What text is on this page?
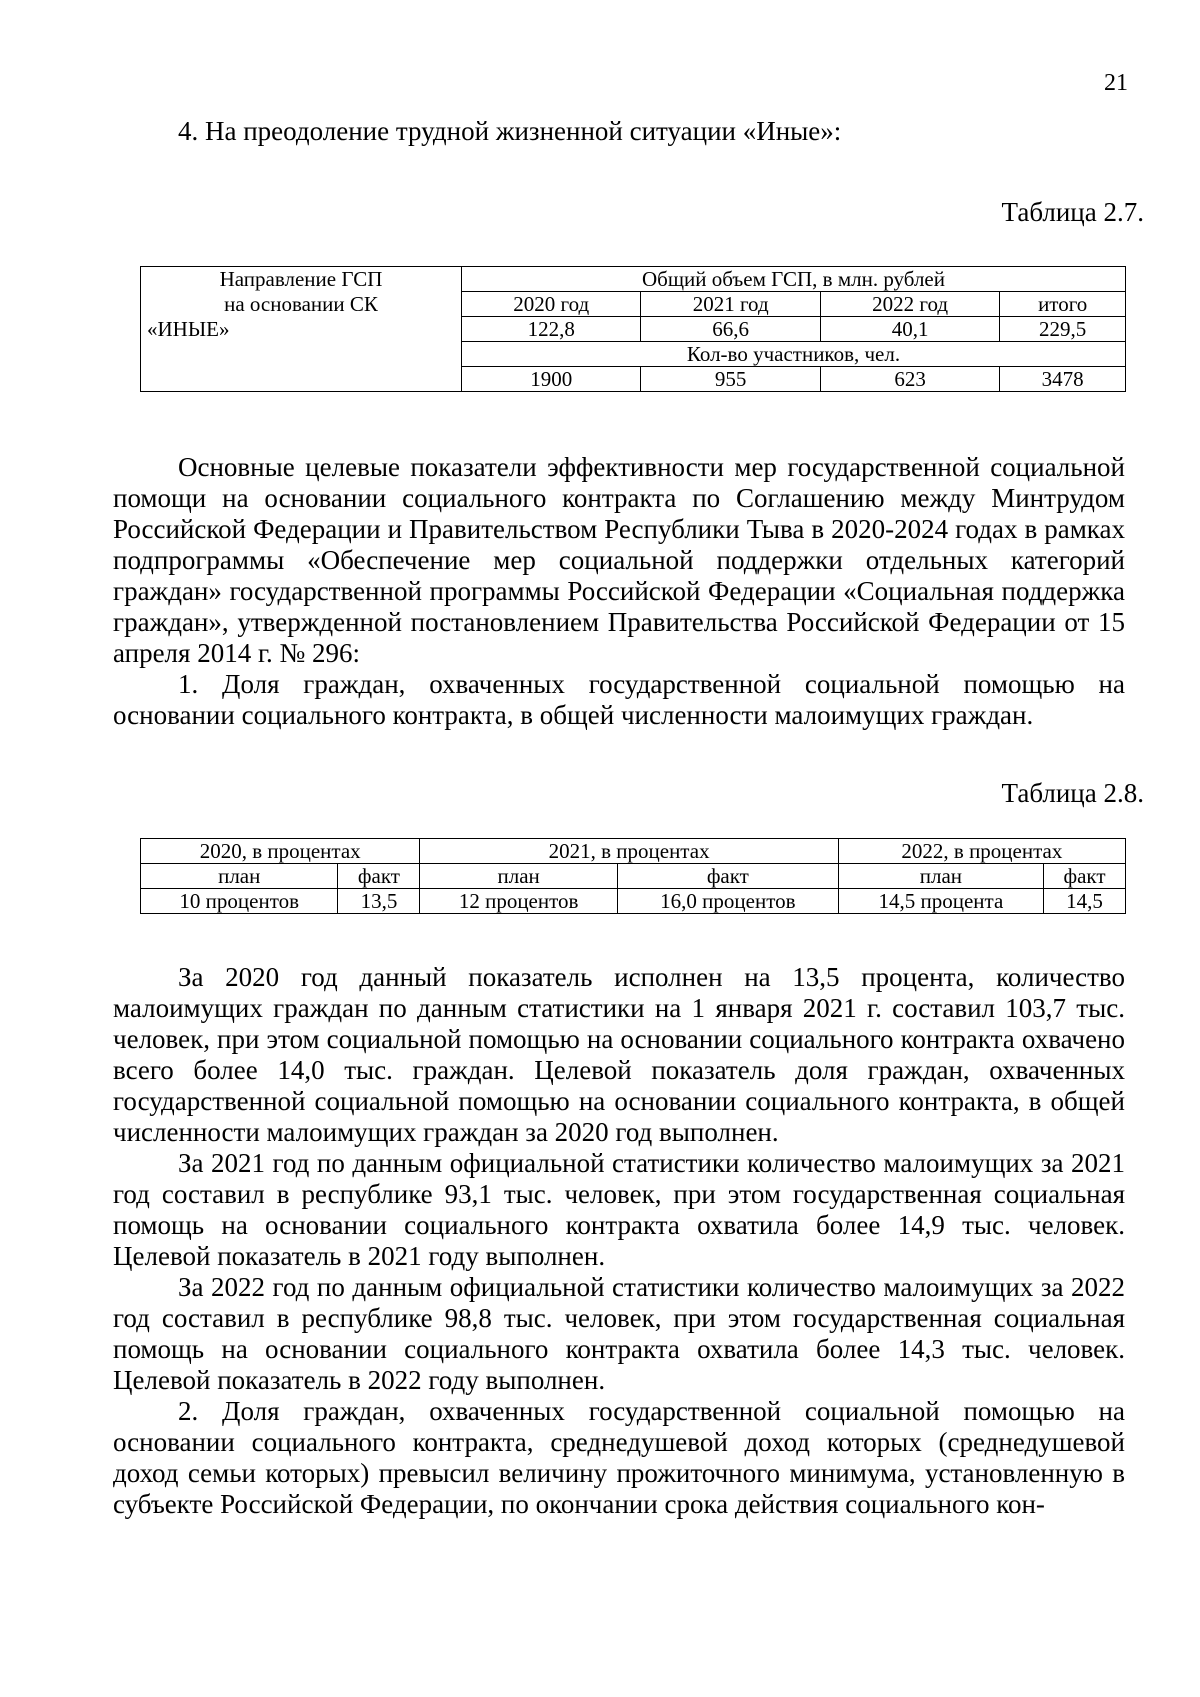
21
4. На преодоление трудной жизненной ситуации «Иные»:
Таблица 2.7.
Направление ГСП	Общий объем ГСП, в млн. рублей			
на основании СК	2020 год	2021 год	2022 год	итого
«ИНЫЕ»	122,8	66,6	40,1	229,5
	Кол-во участников, чел.			
	1900	955	623	3478

Основные целевые показатели эффективности мер государственной социальной помощи на основании социального контракта по Соглашению между Минтрудом Российской Федерации и Правительством Республики Тыва в 2020-2024 годах в рамках подпрограммы «Обеспечение мер социальной поддержки отдельных категорий граждан» государственной программы Российской Федерации «Социальная поддержка граждан», утвержденной постановлением Правительства Российской Федерации от 15 апреля 2014 г. № 296:

1. Доля граждан, охваченных государственной социальной помощью на основании социального контракта, в общей численности малоимущих граждан.

Таблица 2.8.
2020, в процентах		2021, в процентах		2022, в процентах	
план	факт	план	факт	план	факт
10 процентов	13,5	12 процентов	16,0 процентов	14,5 процента	14,5

За 2020 год данный показатель исполнен на 13,5 процента, количество малоимущих граждан по данным статистики на 1 января 2021 г. составил 103,7 тыс. человек, при этом социальной помощью на основании социального контракта охвачено всего более 14,0 тыс. граждан. Целевой показатель доля граждан, охваченных государственной социальной помощью на основании социального контракта, в общей численности малоимущих граждан за 2020 год выполнен.

За 2021 год по данным официальной статистики количество малоимущих за 2021 год составил в республике 93,1 тыс. человек, при этом государственная социальная помощь на основании социального контракта охватила более 14,9 тыс. человек. Целевой показатель в 2021 году выполнен.

За 2022 год по данным официальной статистики количество малоимущих за 2022 год составил в республике 98,8 тыс. человек, при этом государственная социальная помощь на основании социального контракта охватила более 14,3 тыс. человек. Целевой показатель в 2022 году выполнен.

2. Доля граждан, охваченных государственной социальной помощью на основании социального контракта, среднедушевой доход которых (среднедушевой доход семьи которых) превысил величину прожиточного минимума, установленную в субъекте Российской Федерации, по окончании срока действия социального кон-
